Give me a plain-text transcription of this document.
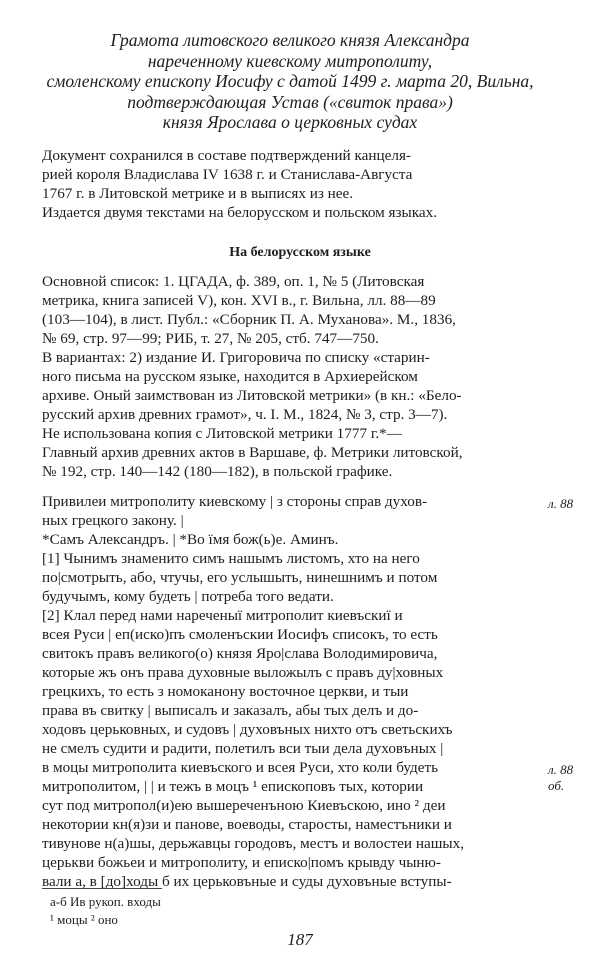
Грамота литовского великого князя Александра
нареченному киевскому митрополиту,
смоленскому епископу Иосифу с датой 1499 г. марта 20, Вильна,
подтверждающая Устав («свиток права»)
князя Ярослава о церковных судах
Документ сохранился в составе подтверждений канцеля-
рией короля Владислава IV 1638 г. и Станислава-Августа
1767 г. в Литовской метрике и в выписях из нее.
Издается двумя текстами на белорусском и польском языках.
На белорусском языке
Основной список: 1. ЦГАДА, ф. 389, оп. 1, № 5 (Литовская
метрика, книга записей V), кон. XVI в., г. Вильна, лл. 88—89
(103—104), в лист. Публ.: «Сборник П. А. Муханова». М., 1836,
№ 69, стр. 97—99; РИБ, т. 27, № 205, стб. 747—750.
В вариантах: 2) издание И. Григоровича по списку «старин-
ного письма на русском языке, находится в Архиерейском
архиве. Оный заимствован из Литовской метрики» (в кн.: «Бело-
русский архив древних грамот», ч. I. М., 1824, № 3, стр. 3—7).
Не использована копия с Литовской метрики 1777 г.*—
Главный архив древних актов в Варшаве, ф. Метрики литовской,
№ 192, стр. 140—142 (180—182), в польской графике.
Привилеи митрополиту киевскому | з стороны справ духов-
ных грецкого закону. |
*Самъ Александръ. | *Во їмя бож(ь)е. Аминъ.
[1] Чынимъ знаменито симъ нашымъ листомъ, хто на него
по|смотрыть, або, чтучы, его услышыть, нинешнимъ и потом
будучымъ, кому будеть | потреба того ведати.
[2] Клал перед нами нареченыї митрополит киевъскиї и
всея Руси | еп(иско)пъ смоленъскии Иосифъ списокъ, то есть
свитокъ правъ великого(о) князя Яро|слава Володимировича,
которые жъ онъ права духовные выложылъ с правъ ду|ховных
грецкихъ, то есть з номоканону восточное церкви, и тыи
права въ свитку | выписалъ и заказалъ, абы тых делъ и до-
ходовъ церьковных, и судовъ | духовъных нихто отъ светьскихъ
не смелъ судити и радити, полетилъ вси тыи дела духовъных |
в моцы митрополита киевъского и всея Руси, хто коли будеть
митрополитом, | | и тежъ в моцъ ¹ епископовъ тых, котории
сут под митропол(и)ею вышереченъною Киевъскою, ино ² деи
некотории кн(я)зи и панове, воеводы, старосты, наместъники и
тивунове н(а)шы, дерьжавцы городовъ, местъ и волостеи нашых,
церькви божьеи и митрополиту, и еписко|помъ крывду чыню-
вали а, в [до]ходы б их церьковъные и суды духовъные вступы-
л. 88
л. 88
об.
а-б Ив рукоп. входы
¹ моцы ² оно
187
